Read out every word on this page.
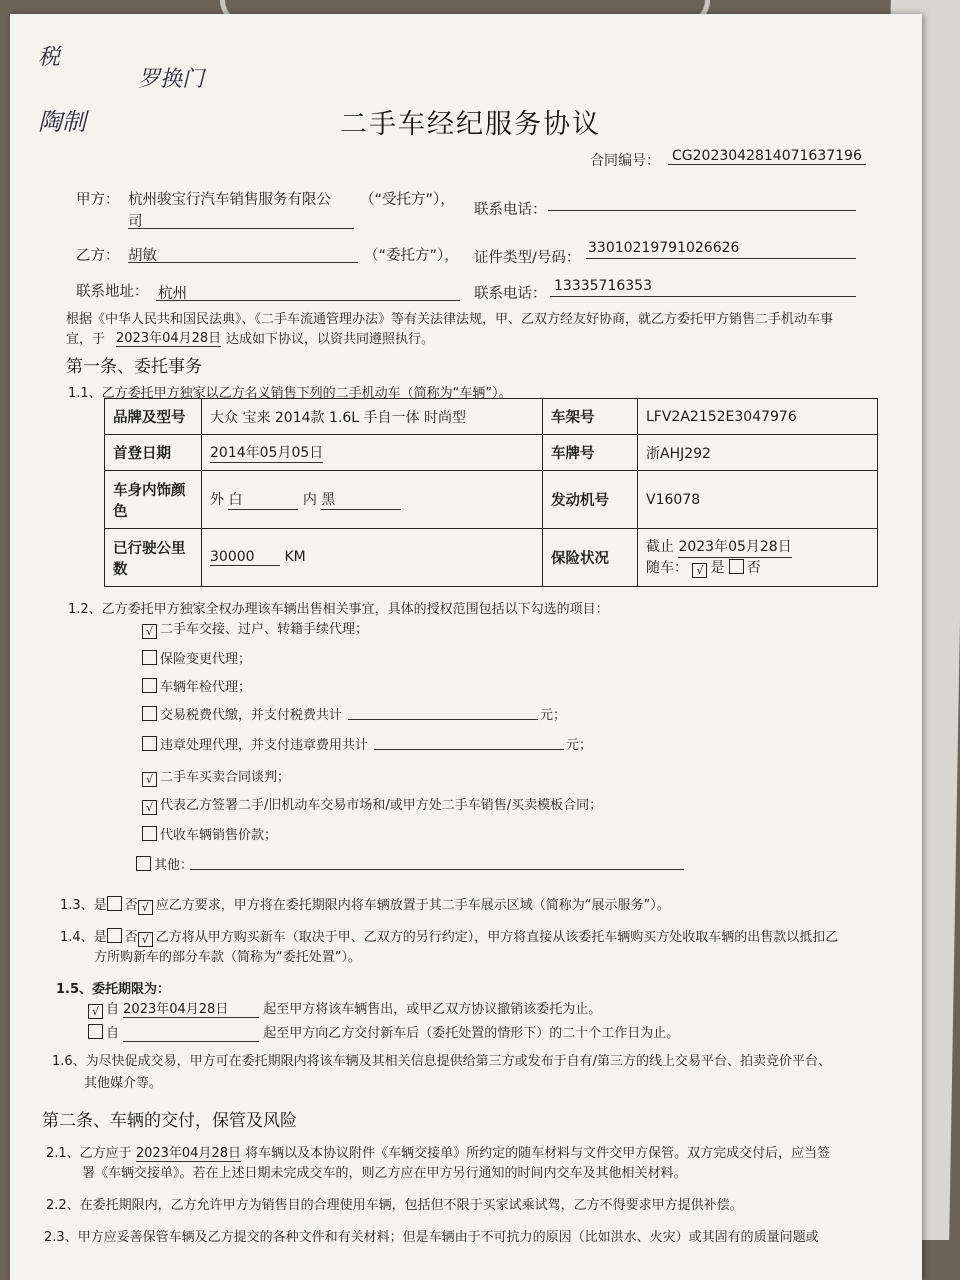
税
陶制
罗换门
二手车经纪服务协议
合同编号： CG2023042814071637196
甲方： 杭州骏宝行汽车销售服务有限公
司
（“受托方”），
联系电话：
乙方： 胡敏	（“委托方”）， 证件类型/号码：
33010219791026626
联系地址： 杭州	联系电话： 13335716353
根据《中华人民共和国民法典》、《二手车流通管理办法》等有关法律法规，甲、乙双方经友好协商，就乙方委托甲方销售二手机动车事
宜，于 2023年04月28日 达成如下协议，以资共同遵照执行。
第一条、委托事务
1.1、乙方委托甲方独家以乙方名义销售下列的二手机动车（简称为“车辆”）。
品牌及型号	大众 宝来 2014款 1.6L 手自一体 时尚型	车架号	LFV2A2152E3047976
首登日期	2014年05月05日	车牌号	浙AHJ292
车身内饰颜色	外 白 内 黑	发动机号	V16078
已行驶公里数	30000 KM	保险状况	截止 2023年05月28日
随车： √ 是 否
1.2、乙方委托甲方独家全权办理该车辆出售相关事宜，具体的授权范围包括以下勾选的项目：
√ 二手车交接、过户、转籍手续代理；
保险变更代理；
车辆年检代理；
交易税费代缴，并支付税费共计	元；
违章处理代理，并支付违章费用共计	元；
√ 二手车买卖合同谈判；
√ 代表乙方签署二手/旧机动车交易市场和/或甲方处二手车销售/买卖模板合同；
代收车辆销售价款；
其他：
1.3、是 否 √ 应乙方要求，甲方将在委托期限内将车辆放置于其二手车展示区域（简称为“展示服务”）。
1.4、是 否 √ 乙方将从甲方购买新车（取决于甲、乙双方的另行约定），甲方将直接从该委托车辆购买方处收取车辆的出售款以抵扣乙
方所购新车的部分车款（简称为“委托处置”）。
1.5、委托期限为：
√ 自 2023年04月28日	起至甲方将该车辆售出，或甲乙双方协议撤销该委托为止。
自	起至甲方向乙方交付新车后（委托处置的情形下）的二十个工作日为止。
1.6、为尽快促成交易，甲方可在委托期限内将该车辆及其相关信息提供给第三方或发布于自有/第三方的线上交易平台、拍卖竞价平台、
其他媒介等。
第二条、车辆的交付，保管及风险
2.1、乙方应于 2023年04月28日 将车辆以及本协议附件《车辆交接单》所约定的随车材料与文件交甲方保管。双方完成交付后，应当签
署《车辆交接单》。若在上述日期未完成交车的，则乙方应在甲方另行通知的时间内交车及其他相关材料。
2.2、在委托期限内，乙方允许甲方为销售目的合理使用车辆，包括但不限于买家试乘试驾，乙方不得要求甲方提供补偿。
2.3、甲方应妥善保管车辆及乙方提交的各种文件和有关材料；但是车辆由于不可抗力的原因（比如洪水、火灾）或其固有的质量问题或
